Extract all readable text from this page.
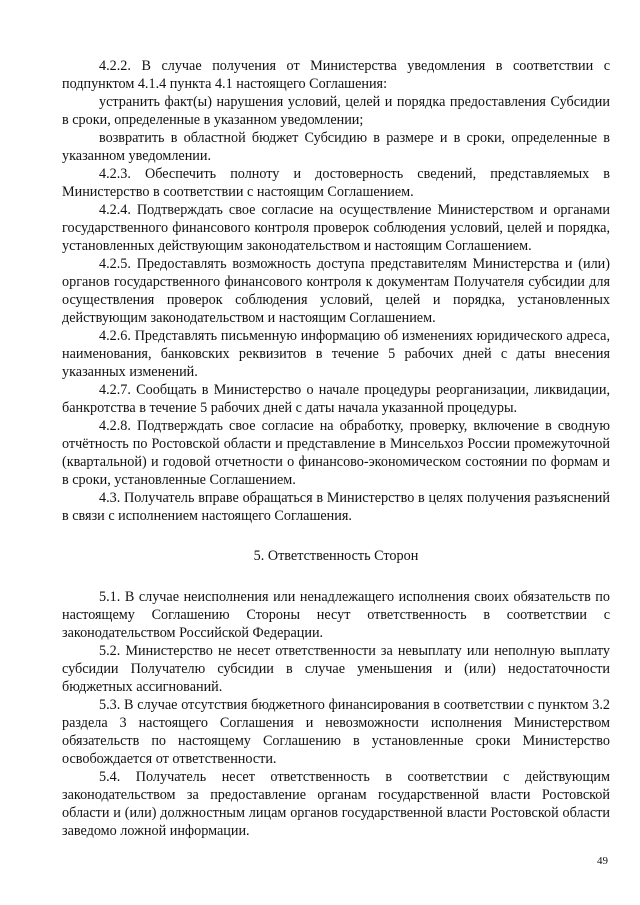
4.2.2. В случае получения от Министерства уведомления в соответствии с подпунктом 4.1.4 пункта 4.1 настоящего Соглашения:

устранить факт(ы) нарушения условий, целей и порядка предоставления Субсидии в сроки, определенные в указанном уведомлении;

возвратить в областной бюджет Субсидию в размере и в сроки, определенные в указанном уведомлении.

4.2.3. Обеспечить полноту и достоверность сведений, представляемых в Министерство в соответствии с настоящим Соглашением.

4.2.4. Подтверждать свое согласие на осуществление Министерством и органами государственного финансового контроля проверок соблюдения условий, целей и порядка, установленных действующим законодательством и настоящим Соглашением.

4.2.5. Предоставлять возможность доступа представителям Министерства и (или) органов государственного финансового контроля к документам Получателя субсидии для осуществления проверок соблюдения условий, целей и порядка, установленных действующим законодательством и настоящим Соглашением.

4.2.6. Представлять письменную информацию об изменениях юридического адреса, наименования, банковских реквизитов в течение 5 рабочих дней с даты внесения указанных изменений.

4.2.7. Сообщать в Министерство о начале процедуры реорганизации, ликвидации, банкротства в течение 5 рабочих дней с даты начала указанной процедуры.

4.2.8. Подтверждать свое согласие на обработку, проверку, включение в сводную отчётность по Ростовской области и представление в Минсельхоз России промежуточной (квартальной) и годовой отчетности о финансово-экономическом состоянии по формам и в сроки, установленные Соглашением.

4.3. Получатель вправе обращаться в Министерство в целях получения разъяснений в связи с исполнением настоящего Соглашения.

5. Ответственность Сторон

5.1. В случае неисполнения или ненадлежащего исполнения своих обязательств по настоящему Соглашению Стороны несут ответственность в соответствии с законодательством Российской Федерации.

5.2. Министерство не несет ответственности за невыплату или неполную выплату субсидии Получателю субсидии в случае уменьшения и (или) недостаточности бюджетных ассигнований.

5.3. В случае отсутствия бюджетного финансирования в соответствии с пунктом 3.2 раздела 3 настоящего Соглашения и невозможности исполнения Министерством обязательств по настоящему Соглашению в установленные сроки Министерство освобождается от ответственности.

5.4. Получатель несет ответственность в соответствии с действующим законодательством за предоставление органам государственной власти Ростовской области и (или) должностным лицам органов государственной власти Ростовской области заведомо ложной информации.

49
